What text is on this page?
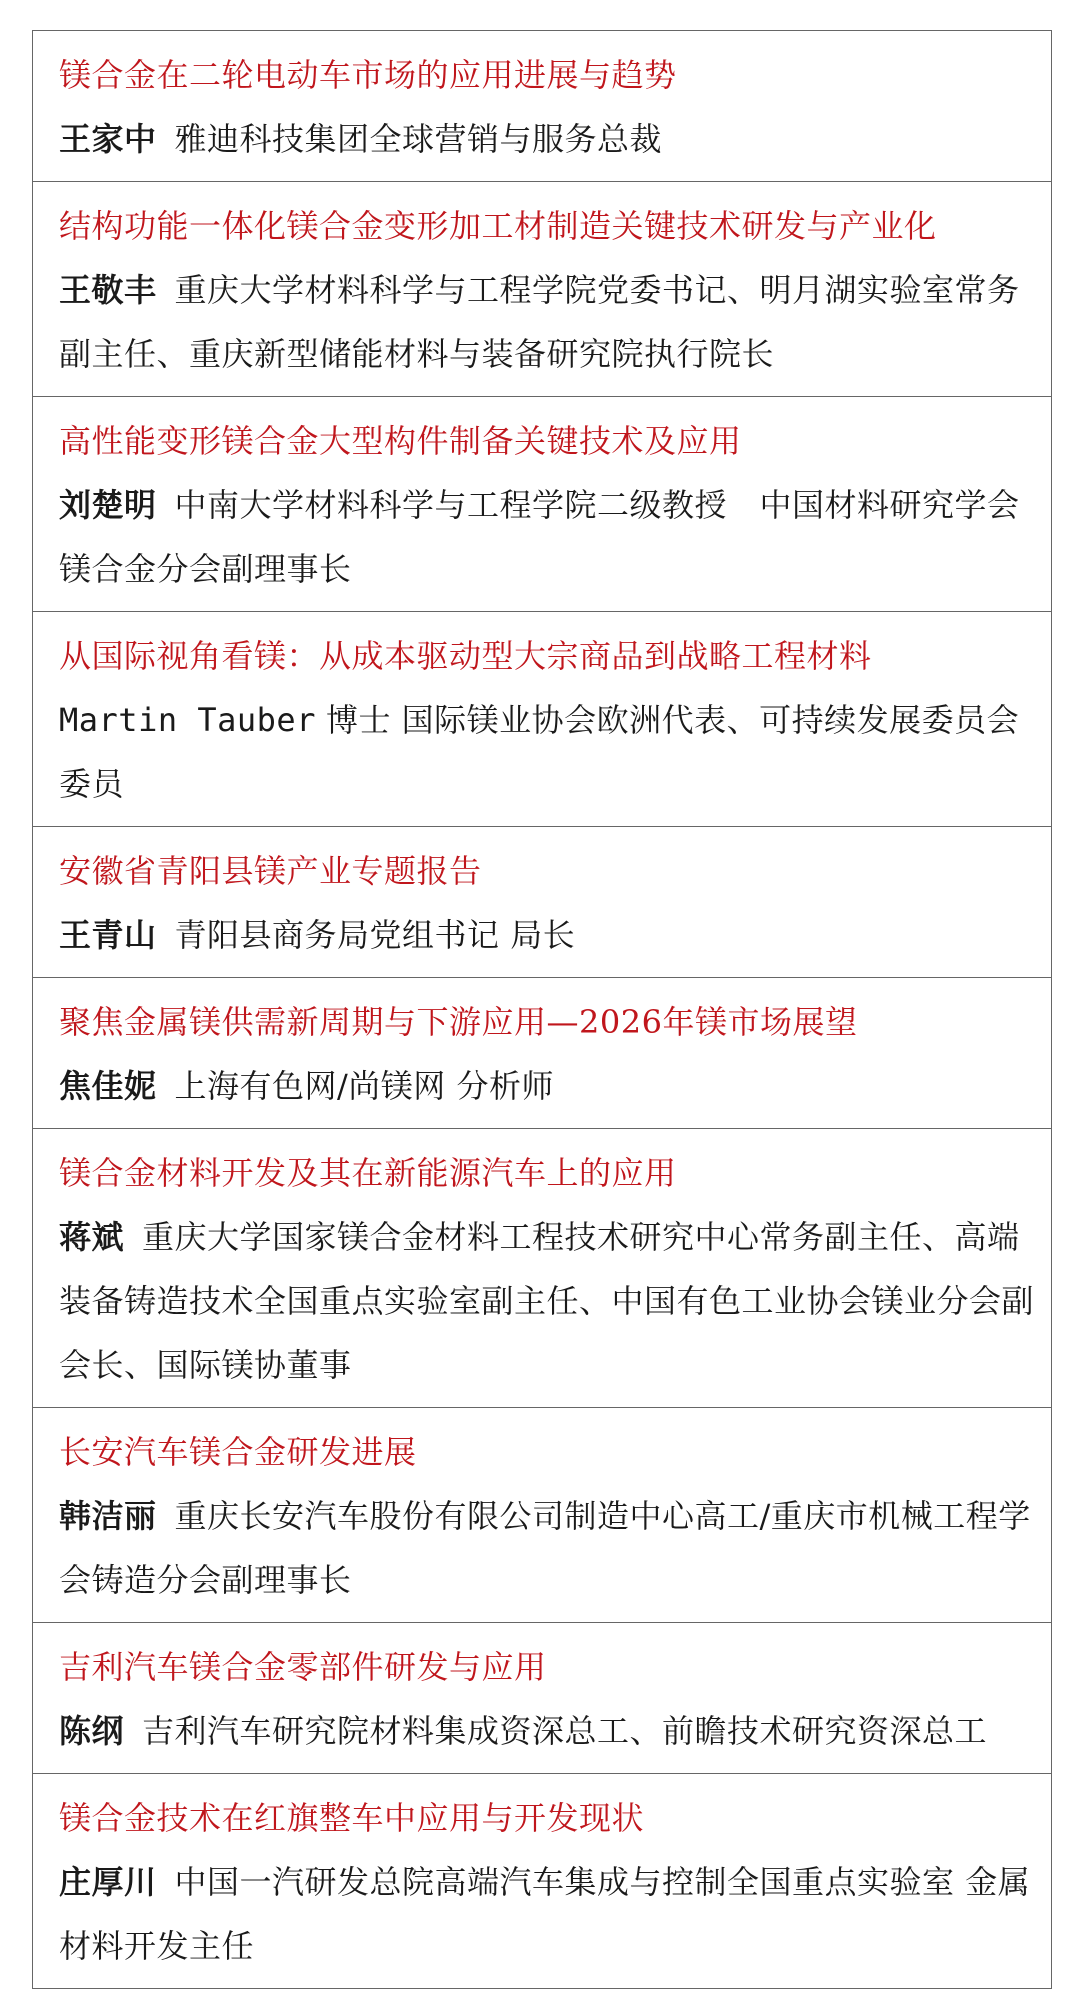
镁合金在二轮电动车市场的应用进展与趋势
王家中 雅迪科技集团全球营销与服务总裁
结构功能一体化镁合金变形加工材制造关键技术研发与产业化
王敬丰 重庆大学材料科学与工程学院党委书记、明月湖实验室常务副主任、重庆新型储能材料与装备研究院执行院长
高性能变形镁合金大型构件制备关键技术及应用
刘楚明 中南大学材料科学与工程学院二级教授　中国材料研究学会镁合金分会副理事长
从国际视角看镁：从成本驱动型大宗商品到战略工程材料
Martin Tauber 博士 国际镁业协会欧洲代表、可持续发展委员会委员
安徽省青阳县镁产业专题报告
王青山 青阳县商务局党组书记 局长
聚焦金属镁供需新周期与下游应用—2026年镁市场展望
焦佳妮 上海有色网/尚镁网 分析师
镁合金材料开发及其在新能源汽车上的应用
蒋斌 重庆大学国家镁合金材料工程技术研究中心常务副主任、高端装备铸造技术全国重点实验室副主任、中国有色工业协会镁业分会副会长、国际镁协董事
长安汽车镁合金研发进展
韩洁丽 重庆长安汽车股份有限公司制造中心高工/重庆市机械工程学会铸造分会副理事长
吉利汽车镁合金零部件研发与应用
陈纲 吉利汽车研究院材料集成资深总工、前瞻技术研究资深总工
镁合金技术在红旗整车中应用与开发现状
庄厚川 中国一汽研发总院高端汽车集成与控制全国重点实验室 金属材料开发主任
